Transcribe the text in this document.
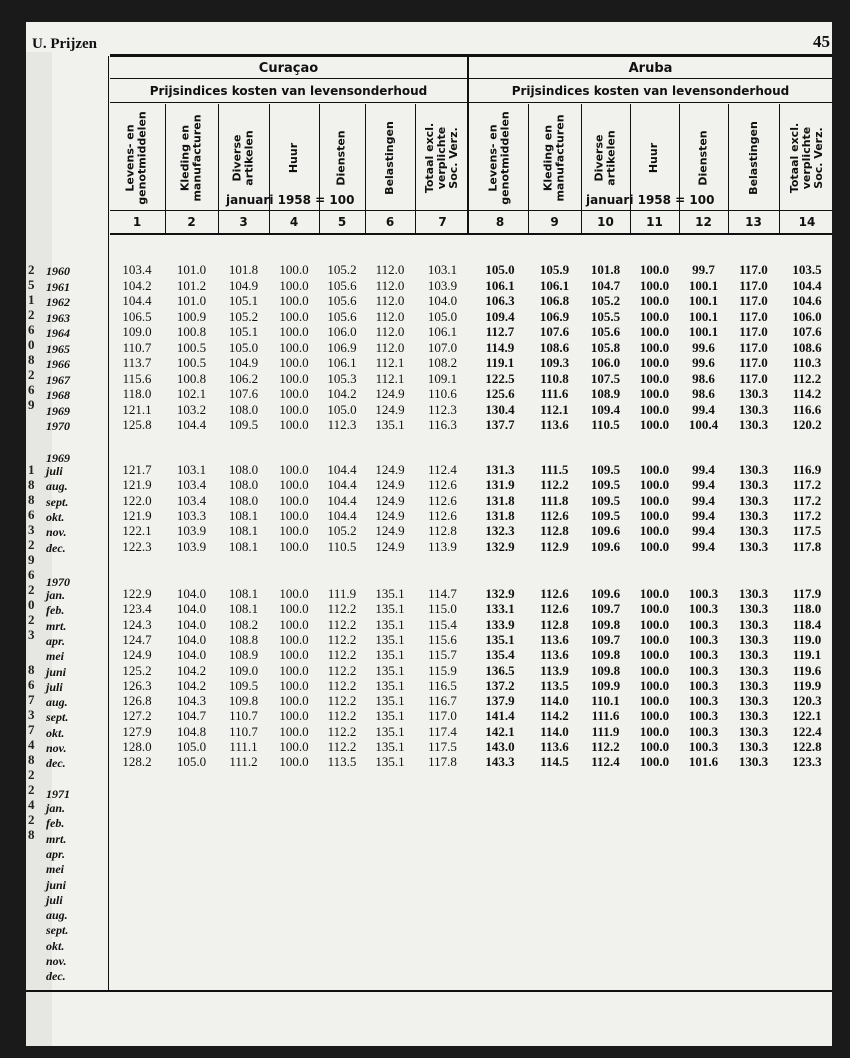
2
5
1
2
6
0
8
2
6
9
1
8
8
6
3
2
9
6
2
0
2
3
8
6
7
3
7
4
8
2
2
4
2
8
U. Prijzen	45
Curaçao	Aruba
Prijsindices kosten van levensonderhoud	Prijsindices kosten van levensonderhoud
januari 1958 = 100	januari 1958 = 100
Levens- en
genotmiddelen
1
Kleding en
manufacturen
2
Diverse
artikelen
3
Huur
4
Diensten
5
Belastingen
6
Totaal excl.
verplichte
Soc. Verz.
7
Levens- en
genotmiddelen
8
Kleding en
manufacturen
9
Diverse
artikelen
10
Huur
11
Diensten
12
Belastingen
13
Totaal excl.
verplichte
Soc. Verz.
14
1960	103.4	101.0	101.8	100.0	105.2	112.0	103.1	105.0	105.9	101.8	100.0	99.7	117.0	103.5
1961	104.2	101.2	104.9	100.0	105.6	112.0	103.9	106.1	106.1	104.7	100.0	100.1	117.0	104.4
1962	104.4	101.0	105.1	100.0	105.6	112.0	104.0	106.3	106.8	105.2	100.0	100.1	117.0	104.6
1963	106.5	100.9	105.2	100.0	105.6	112.0	105.0	109.4	106.9	105.5	100.0	100.1	117.0	106.0
1964	109.0	100.8	105.1	100.0	106.0	112.0	106.1	112.7	107.6	105.6	100.0	100.1	117.0	107.6
1965	110.7	100.5	105.0	100.0	106.9	112.0	107.0	114.9	108.6	105.8	100.0	99.6	117.0	108.6
1966	113.7	100.5	104.9	100.0	106.1	112.1	108.2	119.1	109.3	106.0	100.0	99.6	117.0	110.3
1967	115.6	100.8	106.2	100.0	105.3	112.1	109.1	122.5	110.8	107.5	100.0	98.6	117.0	112.2
1968	118.0	102.1	107.6	100.0	104.2	124.9	110.6	125.6	111.6	108.9	100.0	98.6	130.3	114.2
1969	121.1	103.2	108.0	100.0	105.0	124.9	112.3	130.4	112.1	109.4	100.0	99.4	130.3	116.6
1970	125.8	104.4	109.5	100.0	112.3	135.1	116.3	137.7	113.6	110.5	100.0	100.4	130.3	120.2
1969
juli	121.7	103.1	108.0	100.0	104.4	124.9	112.4	131.3	111.5	109.5	100.0	99.4	130.3	116.9
aug.	121.9	103.4	108.0	100.0	104.4	124.9	112.6	131.9	112.2	109.5	100.0	99.4	130.3	117.2
sept.	122.0	103.4	108.0	100.0	104.4	124.9	112.6	131.8	111.8	109.5	100.0	99.4	130.3	117.2
okt.	121.9	103.3	108.1	100.0	104.4	124.9	112.6	131.8	112.6	109.5	100.0	99.4	130.3	117.2
nov.	122.1	103.9	108.1	100.0	105.2	124.9	112.8	132.3	112.8	109.6	100.0	99.4	130.3	117.5
dec.	122.3	103.9	108.1	100.0	110.5	124.9	113.9	132.9	112.9	109.6	100.0	99.4	130.3	117.8
1970
jan.	122.9	104.0	108.1	100.0	111.9	135.1	114.7	132.9	112.6	109.6	100.0	100.3	130.3	117.9
feb.	123.4	104.0	108.1	100.0	112.2	135.1	115.0	133.1	112.6	109.7	100.0	100.3	130.3	118.0
mrt.	124.3	104.0	108.2	100.0	112.2	135.1	115.4	133.9	112.8	109.8	100.0	100.3	130.3	118.4
apr.	124.7	104.0	108.8	100.0	112.2	135.1	115.6	135.1	113.6	109.7	100.0	100.3	130.3	119.0
mei	124.9	104.0	108.9	100.0	112.2	135.1	115.7	135.4	113.6	109.8	100.0	100.3	130.3	119.1
juni	125.2	104.2	109.0	100.0	112.2	135.1	115.9	136.5	113.9	109.8	100.0	100.3	130.3	119.6
juli	126.3	104.2	109.5	100.0	112.2	135.1	116.5	137.2	113.5	109.9	100.0	100.3	130.3	119.9
aug.	126.8	104.3	109.8	100.0	112.2	135.1	116.7	137.9	114.0	110.1	100.0	100.3	130.3	120.3
sept.	127.2	104.7	110.7	100.0	112.2	135.1	117.0	141.4	114.2	111.6	100.0	100.3	130.3	122.1
okt.	127.9	104.8	110.7	100.0	112.2	135.1	117.4	142.1	114.0	111.9	100.0	100.3	130.3	122.4
nov.	128.0	105.0	111.1	100.0	112.2	135.1	117.5	143.0	113.6	112.2	100.0	100.3	130.3	122.8
dec.	128.2	105.0	111.2	100.0	113.5	135.1	117.8	143.3	114.5	112.4	100.0	101.6	130.3	123.3
1971
jan.
feb.
mrt.
apr.
mei
juni
juli
aug.
sept.
okt.
nov.
dec.
